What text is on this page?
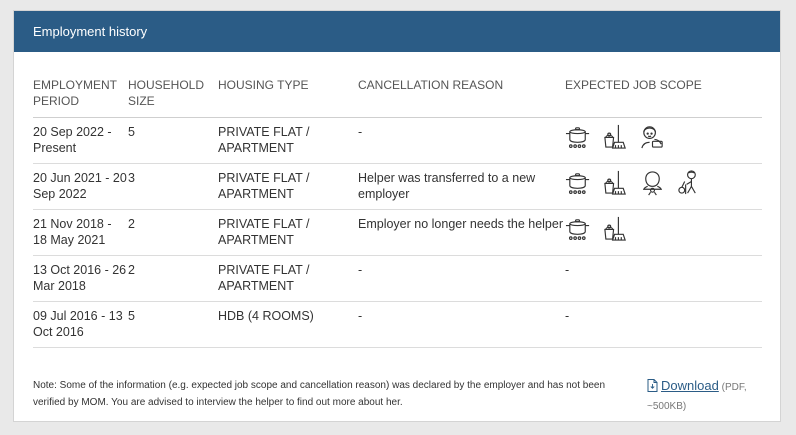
Employment history
EMPLOYMENT PERIOD	HOUSEHOLD SIZE	HOUSING TYPE	CANCELLATION REASON	EXPECTED JOB SCOPE
20 Sep 2022 - Present	5	PRIVATE FLAT / APARTMENT	-	

20 Jun 2021 - 20 Sep 2022	3	PRIVATE FLAT / APARTMENT	Helper was transferred to a new employer	

21 Nov 2018 - 18 May 2021	2	PRIVATE FLAT / APARTMENT	Employer no longer needs the helper	

13 Oct 2016 - 26 Mar 2018	2	PRIVATE FLAT / APARTMENT	-	-
09 Jul 2016 - 13 Oct 2016	5	HDB (4 ROOMS)	-	-
Note: Some of the information (e.g. expected job scope and cancellation reason) was declared by the employer and has not been verified by MOM. You are advised to interview the helper to find out more about her.
Download (PDF, ~500KB)
